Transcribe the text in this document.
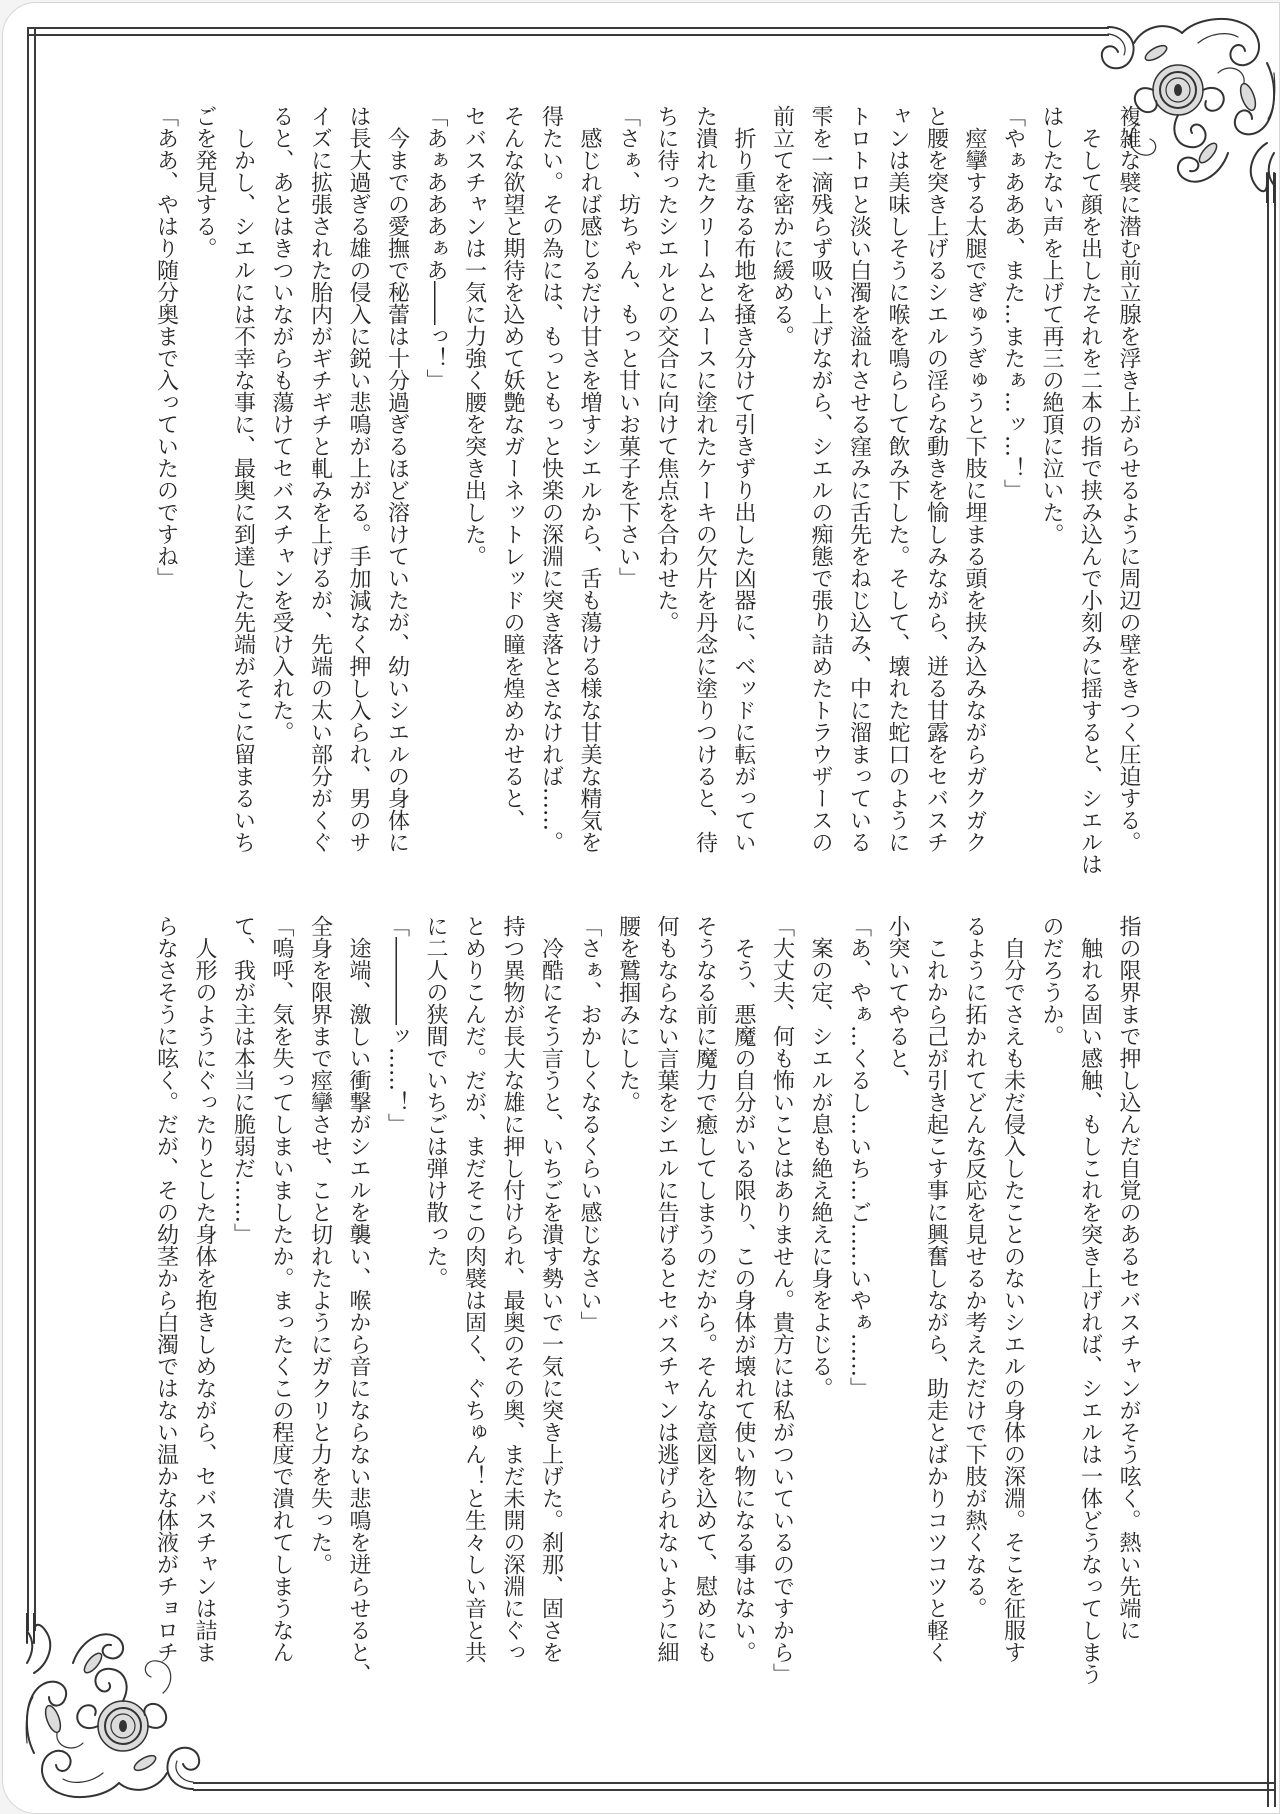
複雑な襞に潜む前立腺を浮き上がらせるように周辺の壁をきつく圧迫する。
　そして顔を出したそれを二本の指で挟み込んで小刻みに揺すると、シエルは
はしたない声を上げて再三の絶頂に泣いた。
「やぁあああ、また…またぁ…ッ…！」
　痙攣する太腿でぎゅうぎゅうと下肢に埋まる頭を挟み込みながらガクガク
と腰を突き上げるシエルの淫らな動きを愉しみながら、迸る甘露をセバスチ
ャンは美味しそうに喉を鳴らして飲み下した。そして、壊れた蛇口のように
トロトロと淡い白濁を溢れさせる窪みに舌先をねじ込み、中に溜まっている
雫を一滴残らず吸い上げながら、シエルの痴態で張り詰めたトラウザースの
前立てを密かに緩める。
　折り重なる布地を掻き分けて引きずり出した凶器に、ベッドに転がってい
た潰れたクリームとムースに塗れたケーキの欠片を丹念に塗りつけると、待
ちに待ったシエルとの交合に向けて焦点を合わせた。
「さぁ、坊ちゃん、もっと甘いお菓子を下さい」
　感じれば感じるだけ甘さを増すシエルから、舌も蕩ける様な甘美な精気を
得たい。その為には、もっともっと快楽の深淵に突き落とさなければ……。
そんな欲望と期待を込めて妖艶なガーネットレッドの瞳を煌めかせると、
セバスチャンは一気に力強く腰を突き出した。
「あぁあああぁあ――っ！」
　今までの愛撫で秘蕾は十分過ぎるほど溶けていたが、幼いシエルの身体に
は長大過ぎる雄の侵入に鋭い悲鳴が上がる。手加減なく押し入られ、男のサ
イズに拡張された胎内がギチギチと軋みを上げるが、先端の太い部分がくぐ
ると、あとはきついながらも蕩けてセバスチャンを受け入れた。
　しかし、シエルには不幸な事に、最奥に到達した先端がそこに留まるいち
ごを発見する。
「ああ、やはり随分奥まで入っていたのですね」
指の限界まで押し込んだ自覚のあるセバスチャンがそう呟く。熱い先端に
　触れる固い感触、もしこれを突き上げれば、シエルは一体どうなってしまう
のだろうか。
　自分でさえも未だ侵入したことのないシエルの身体の深淵。そこを征服す
るように拓かれてどんな反応を見せるか考えただけで下肢が熱くなる。
　これから己が引き起こす事に興奮しながら、助走とばかりコツコツと軽く
小突いてやると、
「あ、やぁ…くるし…いち…ご……いやぁ……」
　案の定、シエルが息も絶え絶えに身をよじる。
「大丈夫、何も怖いことはありません。貴方には私がついているのですから」
　そう、悪魔の自分がいる限り、この身体が壊れて使い物になる事はない。
そうなる前に魔力で癒してしまうのだから。そんな意図を込めて、慰めにも
何もならない言葉をシエルに告げるとセバスチャンは逃げられないように細
腰を鷲掴みにした。
「さぁ、おかしくなるくらい感じなさい」
　冷酷にそう言うと、いちごを潰す勢いで一気に突き上げた。刹那、固さを
持つ異物が長大な雄に押し付けられ、最奥のその奥、まだ未開の深淵にぐっ
とめりこんだ。だが、まだそこの肉襞は固く、ぐちゅん！と生々しい音と共
に二人の狭間でいちごは弾け散った。
「――――ッ……！」
　途端、激しい衝撃がシエルを襲い、喉から音にならない悲鳴を迸らせると、
全身を限界まで痙攣させ、こと切れたようにガクリと力を失った。
「嗚呼、気を失ってしまいましたか。まったくこの程度で潰れてしまうなん
て、我が主は本当に脆弱だ……」
　人形のようにぐったりとした身体を抱きしめながら、セバスチャンは詰ま
らなさそうに呟く。だが、その幼茎から白濁ではない温かな体液がチョロチ
